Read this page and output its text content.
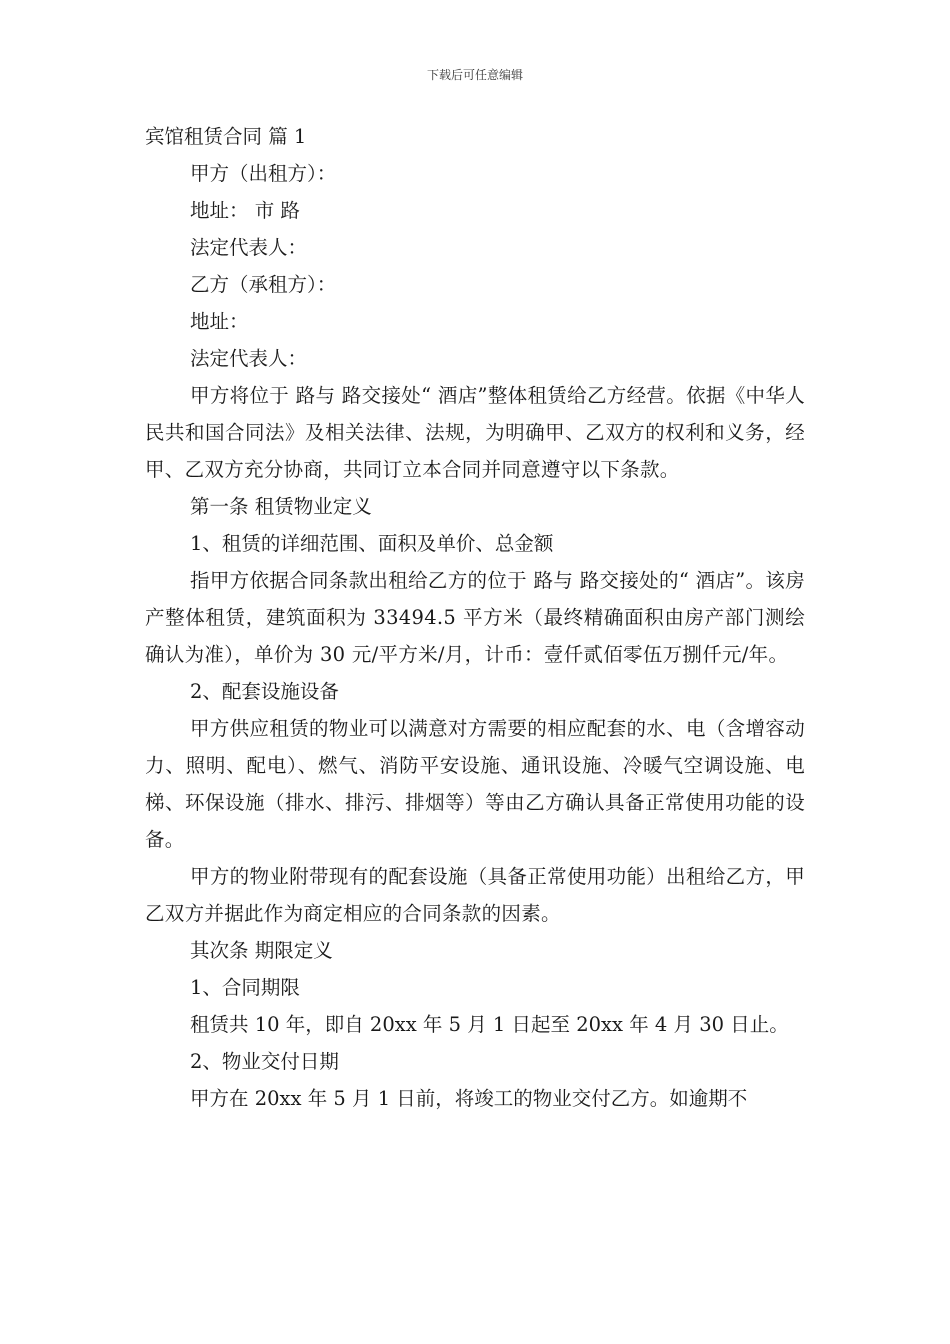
下载后可任意编辑
宾馆租赁合同 篇 1
甲方（出租方）：
地址： 市 路
法定代表人：
乙方（承租方）：
地址：
法定代表人：
甲方将位于 路与 路交接处“ 酒店”整体租赁给乙方经营。依据《中华人民共和国合同法》及相关法律、法规，为明确甲、乙双方的权利和义务，经甲、乙双方充分协商，共同订立本合同并同意遵守以下条款。
第一条 租赁物业定义
1、租赁的详细范围、面积及单价、总金额
指甲方依据合同条款出租给乙方的位于 路与 路交接处的“ 酒店”。该房产整体租赁，建筑面积为 33494.5 平方米（最终精确面积由房产部门测绘确认为准），单价为 30 元/平方米/月，计币：壹仟贰佰零伍万捌仟元/年。
2、配套设施设备
甲方供应租赁的物业可以满意对方需要的相应配套的水、电（含增容动力、照明、配电）、燃气、消防平安设施、通讯设施、冷暖气空调设施、电梯、环保设施（排水、排污、排烟等）等由乙方确认具备正常使用功能的设备。
甲方的物业附带现有的配套设施（具备正常使用功能）出租给乙方，甲乙双方并据此作为商定相应的合同条款的因素。
其次条 期限定义
1、合同期限
租赁共 10 年，即自 20xx 年 5 月 1 日起至 20xx 年 4 月 30 日止。
2、物业交付日期
甲方在 20xx 年 5 月 1 日前，将竣工的物业交付乙方。如逾期不
